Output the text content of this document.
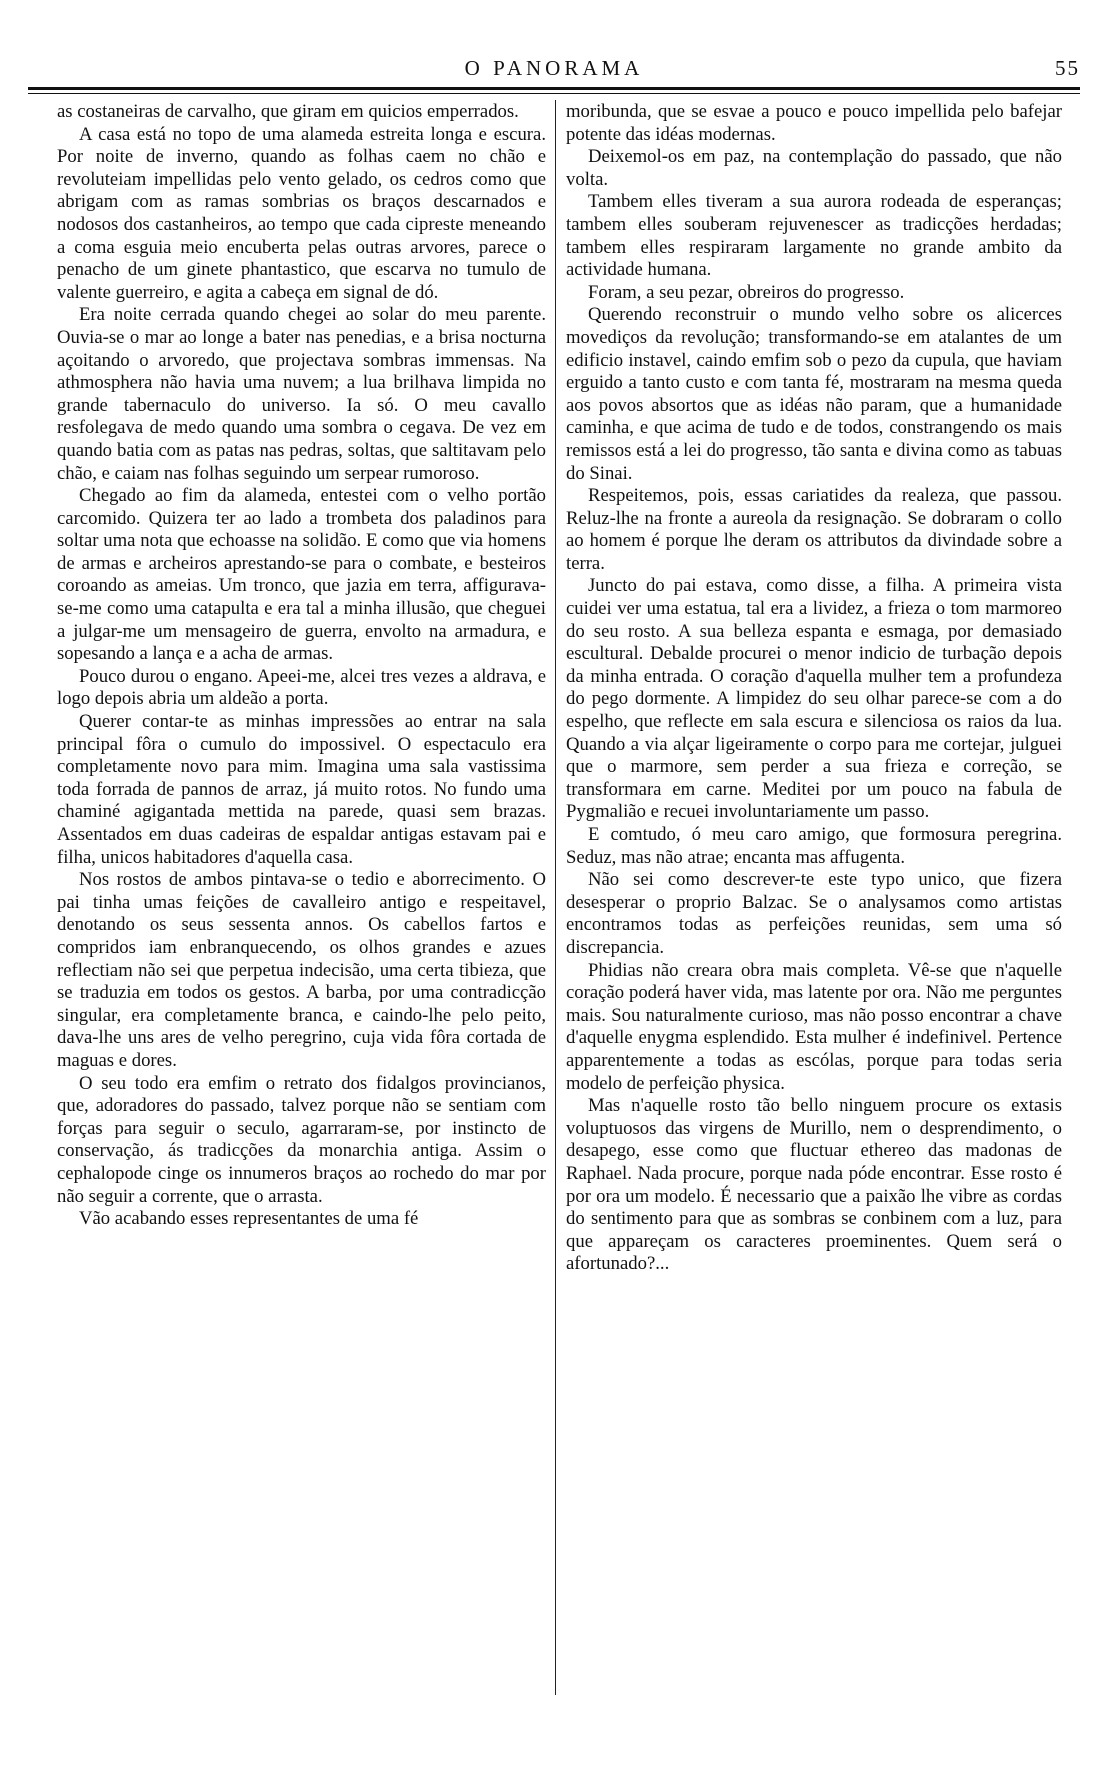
O PANORAMA	55

as costaneiras de carvalho, que giram em quicios emperrados.

A casa está no topo de uma alameda estreita longa e escura. Por noite de inverno, quando as folhas caem no chão e revoluteiam impellidas pelo vento gelado, os cedros como que abrigam com as ramas sombrias os braços descarnados e nodosos dos castanheiros, ao tempo que cada cipreste meneando a coma esguia meio encuberta pelas outras arvores, parece o penacho de um ginete phantastico, que escarva no tumulo de valente guerreiro, e agita a cabeça em signal de dó.

Era noite cerrada quando chegei ao solar do meu parente. Ouvia-se o mar ao longe a bater nas penedias, e a brisa nocturna açoitando o arvoredo, que projectava sombras immensas. Na athmosphera não havia uma nuvem; a lua brilhava limpida no grande tabernaculo do universo. Ia só. O meu cavallo resfolegava de medo quando uma sombra o cegava. De vez em quando batia com as patas nas pedras, soltas, que saltitavam pelo chão, e caiam nas folhas seguindo um serpear rumoroso.

Chegado ao fim da alameda, entestei com o velho portão carcomido. Quizera ter ao lado a trombeta dos paladinos para soltar uma nota que echoasse na solidão. E como que via homens de armas e archeiros aprestando-se para o combate, e besteiros coroando as ameias. Um tronco, que jazia em terra, affigurava-se-me como uma catapulta e era tal a minha illusão, que cheguei a julgar-me um mensageiro de guerra, envolto na armadura, e sopesando a lança e a acha de armas.

Pouco durou o engano. Apeei-me, alcei tres vezes a aldrava, e logo depois abria um aldeão a porta.

Querer contar-te as minhas impressões ao entrar na sala principal fôra o cumulo do impossivel. O espectaculo era completamente novo para mim. Imagina uma sala vastissima toda forrada de pannos de arraz, já muito rotos. No fundo uma chaminé agigantada mettida na parede, quasi sem brazas. Assentados em duas cadeiras de espaldar antigas estavam pai e filha, unicos habitadores d'aquella casa.

Nos rostos de ambos pintava-se o tedio e aborrecimento. O pai tinha umas feições de cavalleiro antigo e respeitavel, denotando os seus sessenta annos. Os cabellos fartos e compridos iam enbranquecendo, os olhos grandes e azues reflectiam não sei que perpetua indecisão, uma certa tibieza, que se traduzia em todos os gestos. A barba, por uma contradicção singular, era completamente branca, e caindo-lhe pelo peito, dava-lhe uns ares de velho peregrino, cuja vida fôra cortada de maguas e dores.

O seu todo era emfim o retrato dos fidalgos provincianos, que, adoradores do passado, talvez porque não se sentiam com forças para seguir o seculo, agarraram-se, por instincto de conservação, ás tradicções da monarchia antiga. Assim o cephalopode cinge os innumeros braços ao rochedo do mar por não seguir a corrente, que o arrasta.

Vão acabando esses representantes de uma fé

moribunda, que se esvae a pouco e pouco impellida pelo bafejar potente das idéas modernas.

Deixemol-os em paz, na contemplação do passado, que não volta.

Tambem elles tiveram a sua aurora rodeada de esperanças; tambem elles souberam rejuvenescer as tradicções herdadas; tambem elles respiraram largamente no grande ambito da actividade humana.

Foram, a seu pezar, obreiros do progresso.

Querendo reconstruir o mundo velho sobre os alicerces movediços da revolução; transformando-se em atalantes de um edificio instavel, caindo emfim sob o pezo da cupula, que haviam erguido a tanto custo e com tanta fé, mostraram na mesma queda aos povos absortos que as idéas não param, que a humanidade caminha, e que acima de tudo e de todos, constrangendo os mais remissos está a lei do progresso, tão santa e divina como as tabuas do Sinai.

Respeitemos, pois, essas cariatides da realeza, que passou. Reluz-lhe na fronte a aureola da resignação. Se dobraram o collo ao homem é porque lhe deram os attributos da divindade sobre a terra.

Juncto do pai estava, como disse, a filha. A primeira vista cuidei ver uma estatua, tal era a lividez, a frieza o tom marmoreo do seu rosto. A sua belleza espanta e esmaga, por demasiado escultural. Debalde procurei o menor indicio de turbação depois da minha entrada. O coração d'aquella mulher tem a profundeza do pego dormente. A limpidez do seu olhar parece-se com a do espelho, que reflecte em sala escura e silenciosa os raios da lua. Quando a via alçar ligeiramente o corpo para me cortejar, julguei que o marmore, sem perder a sua frieza e correção, se transformara em carne. Meditei por um pouco na fabula de Pygmalião e recuei involuntariamente um passo.

E comtudo, ó meu caro amigo, que formosura peregrina. Seduz, mas não atrae; encanta mas affugenta.

Não sei como descrever-te este typo unico, que fizera desesperar o proprio Balzac. Se o analysamos como artistas encontramos todas as perfeições reunidas, sem uma só discrepancia.

Phidias não creara obra mais completa. Vê-se que n'aquelle coração poderá haver vida, mas latente por ora. Não me perguntes mais. Sou naturalmente curioso, mas não posso encontrar a chave d'aquelle enygma esplendido. Esta mulher é indefinivel. Pertence apparentemente a todas as escólas, porque para todas seria modelo de perfeição physica.

Mas n'aquelle rosto tão bello ninguem procure os extasis voluptuosos das virgens de Murillo, nem o desprendimento, o desapego, esse como que fluctuar ethereo das madonas de Raphael. Nada procure, porque nada póde encontrar. Esse rosto é por ora um modelo. É necessario que a paixão lhe vibre as cordas do sentimento para que as sombras se conbinem com a luz, para que appareçam os caracteres proeminentes. Quem será o afortunado?...
